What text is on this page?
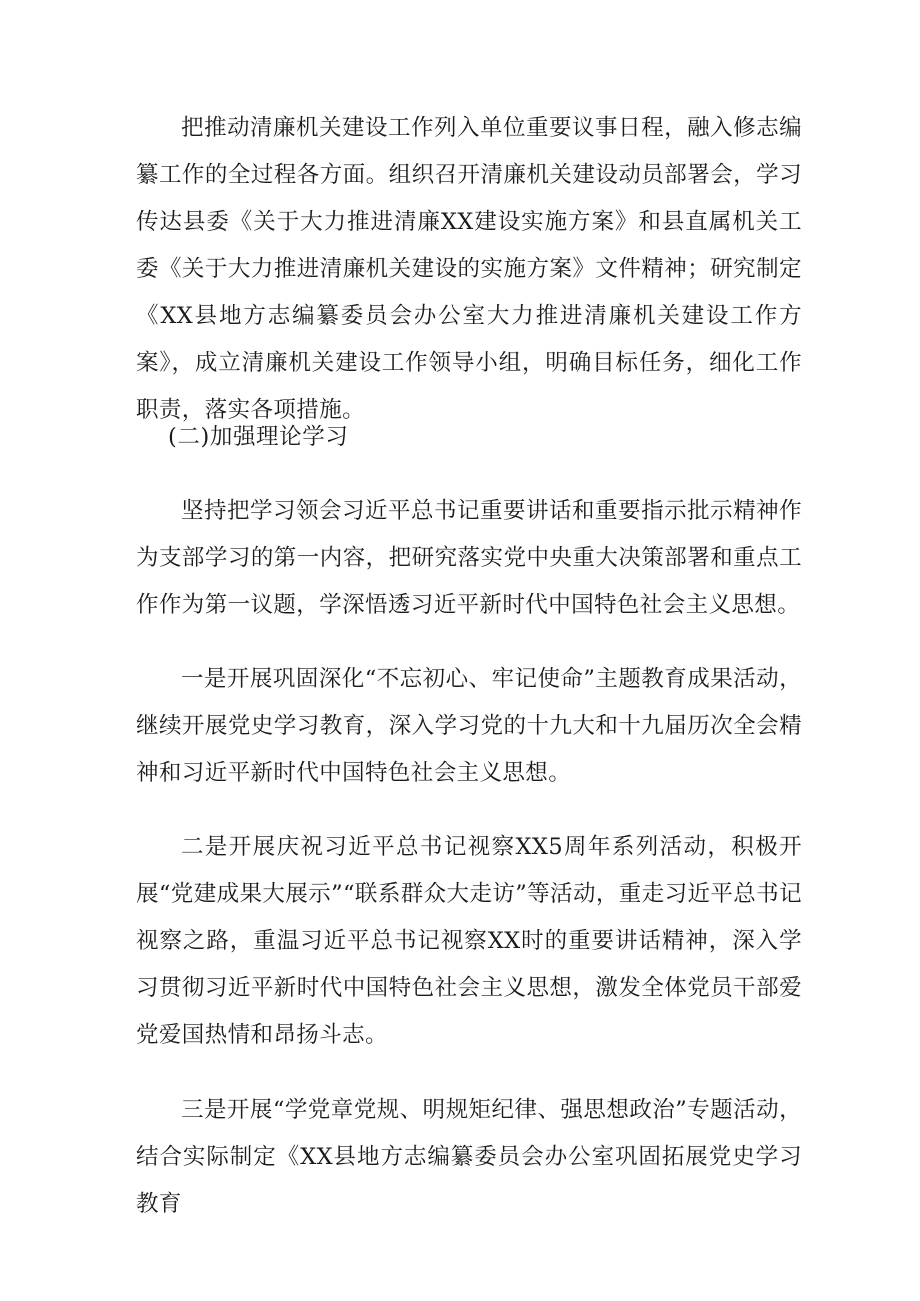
把推动清廉机关建设工作列入单位重要议事日程，融入修志编纂工作的全过程各方面。组织召开清廉机关建设动员部署会，学习传达县委《关于大力推进清廉XX建设实施方案》和县直属机关工委《关于大力推进清廉机关建设的实施方案》文件精神；研究制定《XX县地方志编纂委员会办公室大力推进清廉机关建设工作方案》，成立清廉机关建设工作领导小组，明确目标任务，细化工作职责，落实各项措施。

(二)加强理论学习

坚持把学习领会习近平总书记重要讲话和重要指示批示精神作为支部学习的第一内容，把研究落实党中央重大决策部署和重点工作作为第一议题，学深悟透习近平新时代中国特色社会主义思想。

一是开展巩固深化“不忘初心、牢记使命”主题教育成果活动，继续开展党史学习教育，深入学习党的十九大和十九届历次全会精神和习近平新时代中国特色社会主义思想。

二是开展庆祝习近平总书记视察XX5周年系列活动，积极开展“党建成果大展示”“联系群众大走访”等活动，重走习近平总书记视察之路，重温习近平总书记视察XX时的重要讲话精神，深入学习贯彻习近平新时代中国特色社会主义思想，激发全体党员干部爱党爱国热情和昂扬斗志。

三是开展“学党章党规、明规矩纪律、强思想政治”专题活动，结合实际制定《XX县地方志编纂委员会办公室巩固拓展党史学习教育
